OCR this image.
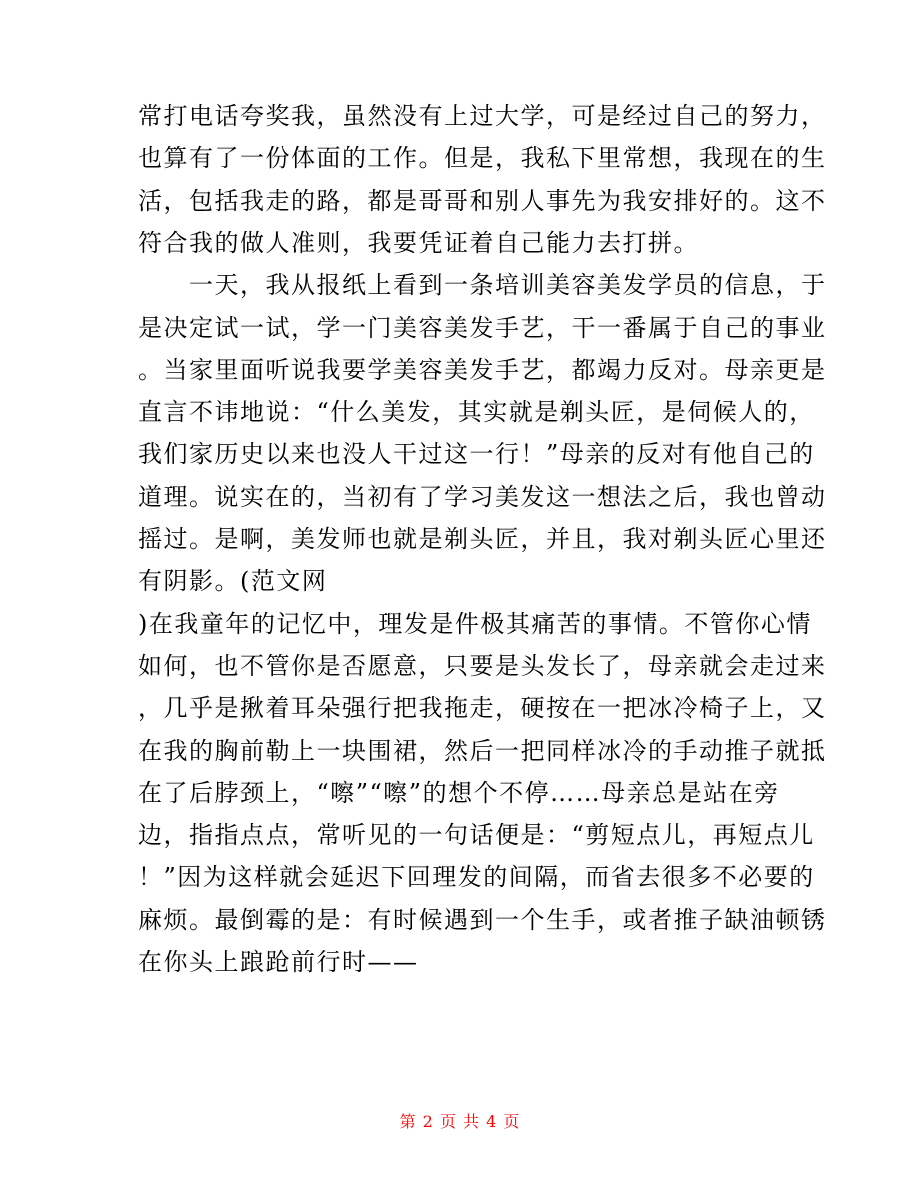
常打电话夸奖我，虽然没有上过大学，可是经过自己的努力，
也算有了一份体面的工作。但是，我私下里常想，我现在的生
活，包括我走的路，都是哥哥和别人事先为我安排好的。这不
符合我的做人准则，我要凭证着自己能力去打拼。
　　一天，我从报纸上看到一条培训美容美发学员的信息，于
是决定试一试，学一门美容美发手艺，干一番属于自己的事业
。当家里面听说我要学美容美发手艺，都竭力反对。母亲更是
直言不讳地说：“什么美发，其实就是剃头匠，是伺候人的，
我们家历史以来也没人干过这一行！”母亲的反对有他自己的
道理。说实在的，当初有了学习美发这一想法之后，我也曾动
摇过。是啊，美发师也就是剃头匠，并且，我对剃头匠心里还
有阴影。(范文网
)在我童年的记忆中，理发是件极其痛苦的事情。不管你心情
如何，也不管你是否愿意，只要是头发长了，母亲就会走过来
，几乎是揪着耳朵强行把我拖走，硬按在一把冰冷椅子上，又
在我的胸前勒上一块围裙，然后一把同样冰冷的手动推子就抵
在了后脖颈上，“嚓”“嚓”的想个不停……母亲总是站在旁
边，指指点点，常听见的一句话便是：“剪短点儿，再短点儿
！”因为这样就会延迟下回理发的间隔，而省去很多不必要的
麻烦。最倒霉的是：有时候遇到一个生手，或者推子缺油顿锈
在你头上踉跄前行时——
第 2 页 共 4 页
